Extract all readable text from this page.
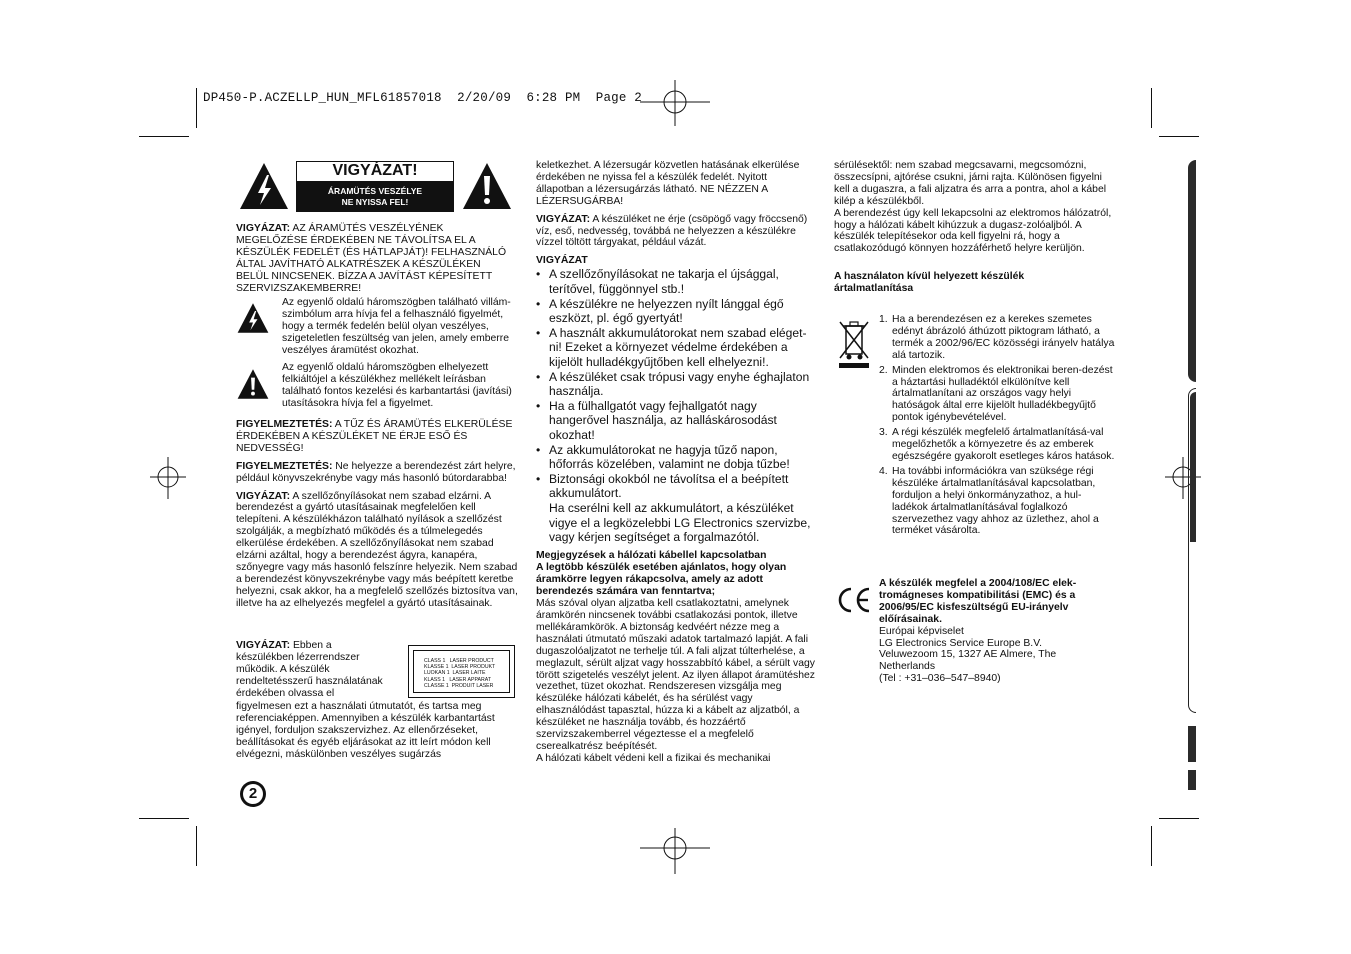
DP450-P.ACZELLP_HUN_MFL61857018  2/20/09  6:28 PM  Page 2
VIGYÁZAT!
ÁRAMÜTÉS VESZÉLYE
NE NYISSA FEL!

VIGYÁZAT: AZ ÁRAMÜTÉS VESZÉLYÉNEK MEGELŐZÉSE ÉRDEKÉBEN NE TÁVOLÍTSA EL A KÉSZÜLÉK FEDELÉT (ÉS HÁTLAPJÁT)! FELHASZNÁLÓ ÁLTAL JAVÍTHATÓ ALKATRÉSZEK A KÉSZÜLÉKEN BELÜL NINCSENEK. BÍZZA A JAVÍTÁST KÉPESÍTETT SZERVIZSZAKEMBERRE!

Az egyenlő oldalú háromszögben található villám-szimbólum arra hívja fel a felhasználó figyelmét, hogy a termék fedelén belül olyan veszélyes, szigeteletlen feszültség van jelen, amely emberre veszélyes áramütést okozhat.
Az egyenlő oldalú háromszögben elhelyezett felkiáltójel a készülékhez mellékelt leírásban található fontos kezelési és karbantartási (javítási) utasításokra hívja fel a figyelmet.

FIGYELMEZTETÉS: A TŰZ ÉS ÁRAMÜTÉS ELKERÜLÉSE ÉRDEKÉBEN A KÉSZÜLÉKET NE ÉRJE ESŐ ÉS NEDVESSÉG!

FIGYELMEZTETÉS: Ne helyezze a berendezést zárt helyre, például könyvszekrénybe vagy más hasonló bútordarabba!

VIGYÁZAT: A szellőzőnyílásokat nem szabad elzárni. A berendezést a gyártó utasításainak megfelelően kell telepíteni. A készülékházon található nyílások a szellőzést szolgálják, a megbízható működés és a túlmelegedés elkerülése érdekében. A szellőzőnyílásokat nem szabad elzárni azáltal, hogy a berendezést ágyra, kanapéra, szőnyegre vagy más hasonló felszínre helyezik. Nem szabad a berendezést könyvszekrénybe vagy más beépített keretbe helyezni, csak akkor, ha a megfelelő szellőzés biztosítva van, illetve ha az elhelyezés megfelel a gyártó utasításainak.

VIGYÁZAT: Ebben a
készülékben lézerrendszer
működik. A készülék
rendeltetésszerű használatának
érdekében olvassa el
CLASS 1   LASER PRODUCT
KLASSE 1  LASER PRODUKT
LUOKAN 1  LASER LAITE
KLASS 1   LASER APPARAT
CLASSE 1  PRODUIT LASER
figyelmesen ezt a használati útmutatót, és tartsa meg referenciaképpen. Amennyiben a készülék karbantartást igényel, forduljon szakszervizhez. Az ellenőrzéseket, beállításokat és egyéb eljárásokat az itt leírt módon kell elvégezni, máskülönben veszélyes sugárzás
2

keletkezhet. A lézersugár közvetlen hatásának elkerülése érdekében ne nyissa fel a készülék fedelét. Nyitott állapotban a lézersugárzás látható. NE NÉZZEN A LÉZERSUGÁRBA!

VIGYÁZAT: A készüléket ne érje (csöpögő vagy fröccsenő) víz, eső, nedvesség, továbbá ne helyezzen a készülékre vízzel töltött tárgyakat, például vázát.

VIGYÁZAT
• A szellőzőnyílásokat ne takarja el újsággal, terítővel, függönnyel stb.!
• A készülékre ne helyezzen nyílt lánggal égő eszközt, pl. égő gyertyát!
• A használt akkumulátorokat nem szabad eléget-ni! Ezeket a környezet védelme érdekében a kijelölt hulladékgyűjtőben kell elhelyezni!.
• A készüléket csak trópusi vagy enyhe éghajlaton használja.
• Ha a fülhallgatót vagy fejhallgatót nagy hangerővel használja, az halláskárosodást okozhat!
• Az akkumulátorokat ne hagyja tűző napon, hőforrás közelében, valamint ne dobja tűzbe!
• Biztonsági okokból ne távolítsa el a beépített akkumulátort.
Ha cserélni kell az akkumulátort, a készüléket vigye el a legközelebbi LG Electronics szervizbe, vagy kérjen segítséget a forgalmazótól.
Megjegyzések a hálózati kábellel kapcsolatban
A legtöbb készülék esetében ajánlatos, hogy olyan áramkörre legyen rákapcsolva, amely az adott berendezés számára van fenntartva;
Más szóval olyan aljzatba kell csatlakoztatni, amelynek áramkörén nincsenek további csatlakozási pontok, illetve mellékáramkörök. A biztonság kedvéért nézze meg a használati útmutató műszaki adatok tartalmazó lapját. A fali dugaszolóaljzatot ne terhelje túl. A fali aljzat túlterhelése, a meglazult, sérült aljzat vagy hosszabbító kábel, a sérült vagy törött szigetelés veszélyt jelent. Az ilyen állapot áramütéshez vezethet, tüzet okozhat. Rendszeresen vizsgálja meg készüléke hálózati kábelét, és ha sérülést vagy elhasználódást tapasztal, húzza ki a kábelt az aljzatból, a készüléket ne használja tovább, és hozzáértő szervizszakemberrel végeztesse el a megfelelő cserealkatrész beépítését.
A hálózati kábelt védeni kell a fizikai és mechanikai
sérülésektől: nem szabad megcsavarni, megcsomózni, összecsípni, ajtórése csukni, járni rajta. Különösen figyelni kell a dugaszra, a fali aljzatra és arra a pontra, ahol a kábel kilép a készülékből.
A berendezést úgy kell lekapcsolni az elektromos hálózatról, hogy a hálózati kábelt kihúzzuk a dugasz-zolóaljból. A készülék telepítésekor oda kell figyelni rá, hogy a csatlakozódugó könnyen hozzáférhető helyre kerüljön.
A használaton kívül helyezett készülék ártalmatlanítása
1. Ha a berendezésen ez a kerekes szemetes edényt ábrázoló áthúzott piktogram látható, a termék a 2002/96/EC közösségi irányelv hatálya alá tartozik.
2. Minden elektromos és elektronikai beren-dezést a háztartási hulladéktól elkülönítve kell ártalmatlanítani az országos vagy helyi hatóságok által erre kijelölt hulladékbegyűjtő pontok igénybevételével.
3. A régi készülék megfelelő ártalmatlanításá-val megelőzhetők a környezetre és az emberek egészségére gyakorolt esetleges káros hatások.
4. Ha további információkra van szüksége régi készüléke ártalmatlanításával kapcsolatban, forduljon a helyi önkormányzathoz, a hul-ladékok ártalmatlanításával foglalkozó szervezethez vagy ahhoz az üzlethez, ahol a terméket vásárolta.
A készülék megfelel a 2004/108/EC elek-tromágneses kompatibilitási (EMC) és a 2006/95/EC kisfeszültségű EU-irányelv előírásainak.
Európai képviselet
LG Electronics Service Europe B.V.
Veluwezoom 15, 1327 AE Almere, The Netherlands
(Tel : +31–036–547–8940)
